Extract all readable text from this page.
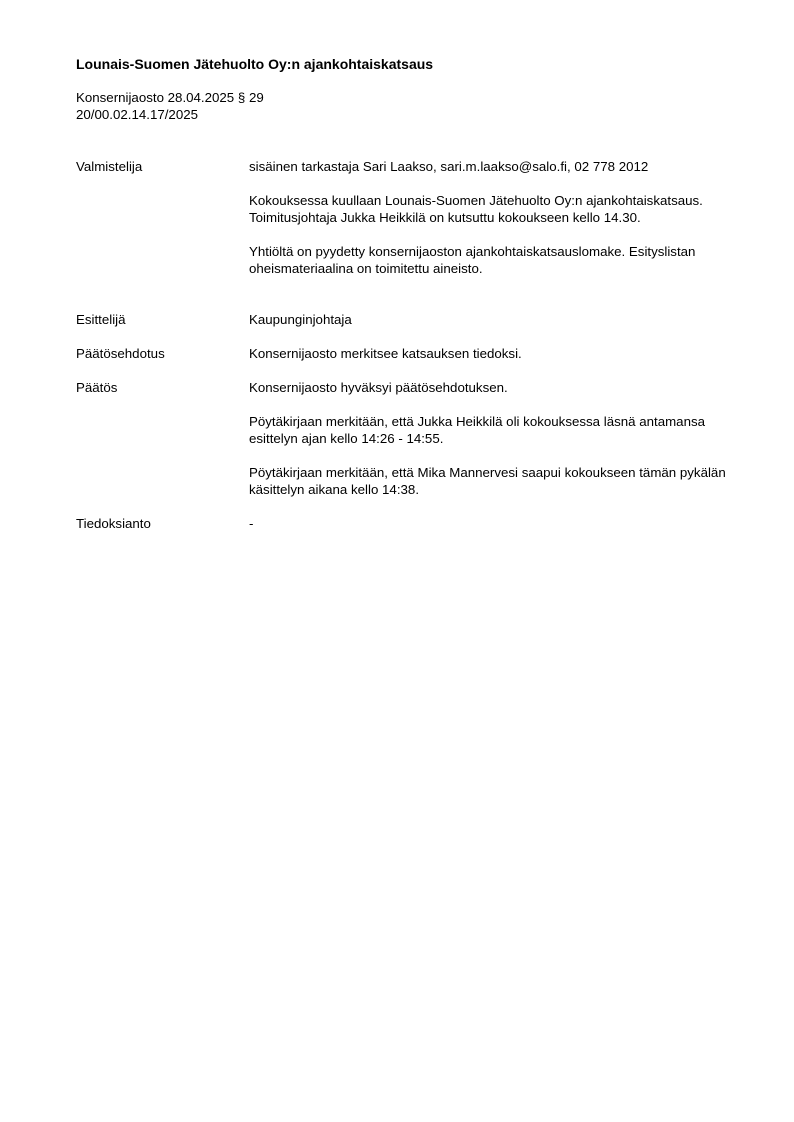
Lounais-Suomen Jätehuolto Oy:n ajankohtaiskatsaus
Konsernijaosto 28.04.2025 § 29
20/00.02.14.17/2025
Valmistelija	sisäinen tarkastaja Sari Laakso, sari.m.laakso@salo.fi, 02 778 2012

Kokouksessa kuullaan Lounais-Suomen Jätehuolto Oy:n ajankohtaiskatsaus. Toimitusjohtaja Jukka Heikkilä on kutsuttu kokoukseen kello 14.30.

Yhtiöltä on pyydetty konsernijaoston ajankohtaiskatsauslomake. Esityslistan oheismateriaalina on toimitettu aineisto.

Esittelijä	Kaupunginjohtaja
Päätösehdotus	Konsernijaosto merkitsee katsauksen tiedoksi.
Päätös	Konsernijaosto hyväksyi päätösehdotuksen.

Pöytäkirjaan merkitään, että Jukka Heikkilä oli kokouksessa läsnä antamansa esittelyn ajan kello 14:26 - 14:55.

Pöytäkirjaan merkitään, että Mika Mannervesi saapui kokoukseen tämän pykälän käsittelyn aikana kello 14:38.

Tiedoksianto	-
